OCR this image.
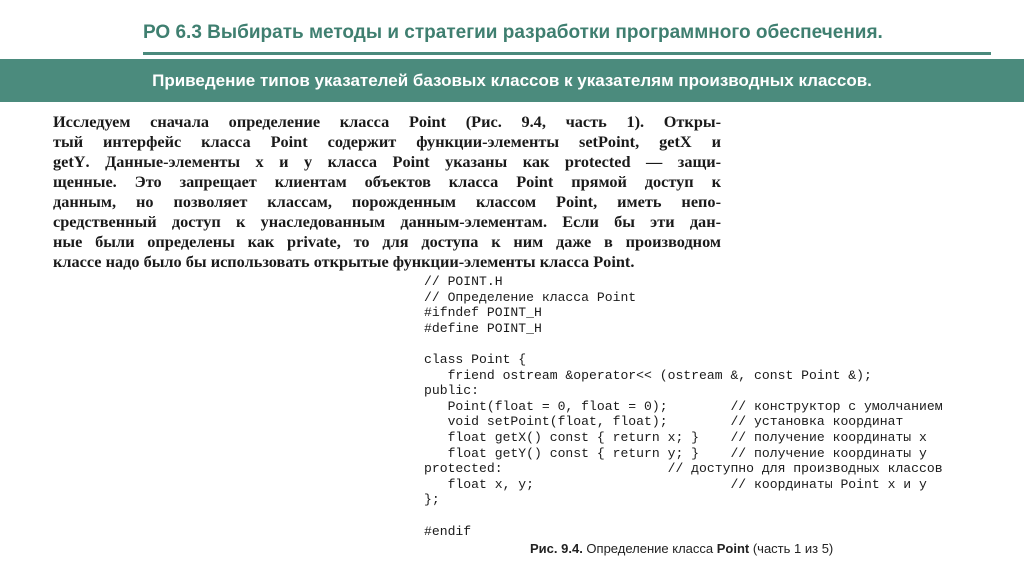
РО 6.3 Выбирать методы и стратегии разработки программного обеспечения.
Приведение типов указателей базовых классов к указателям производных классов.
Исследуем сначала определение класса Point (Рис. 9.4, часть 1). Откры-
тый интерфейс класса Point содержит функции-элементы setPoint, getX и
getY. Данные-элементы x и y класса Point указаны как protected — защи-
щенные. Это запрещает клиентам объектов класса Point прямой доступ к
данным, но позволяет классам, порожденным классом Point, иметь непо-
средственный доступ к унаследованным данным-элементам. Если бы эти дан-
ные были определены как private, то для доступа к ним даже в производном
классе надо было бы использовать открытые функции-элементы класса Point.
// POINT.H
// Определение класса Point
#ifndef POINT_H
#define POINT_H
class Point {
friend ostream &operator<< (ostream &, const Point &);
public:
Point(float = 0, float = 0);        // конструктор с умолчанием
void setPoint(float, float);        // установка координат
float getX() const { return x; }    // получение координаты x
float getY() const { return y; }    // получение координаты y
protected:                     // доступно для производных классов
float x, y;                         // координаты Point x и y
};
#endif
Рис. 9.4. Определение класса Point (часть 1 из 5)
